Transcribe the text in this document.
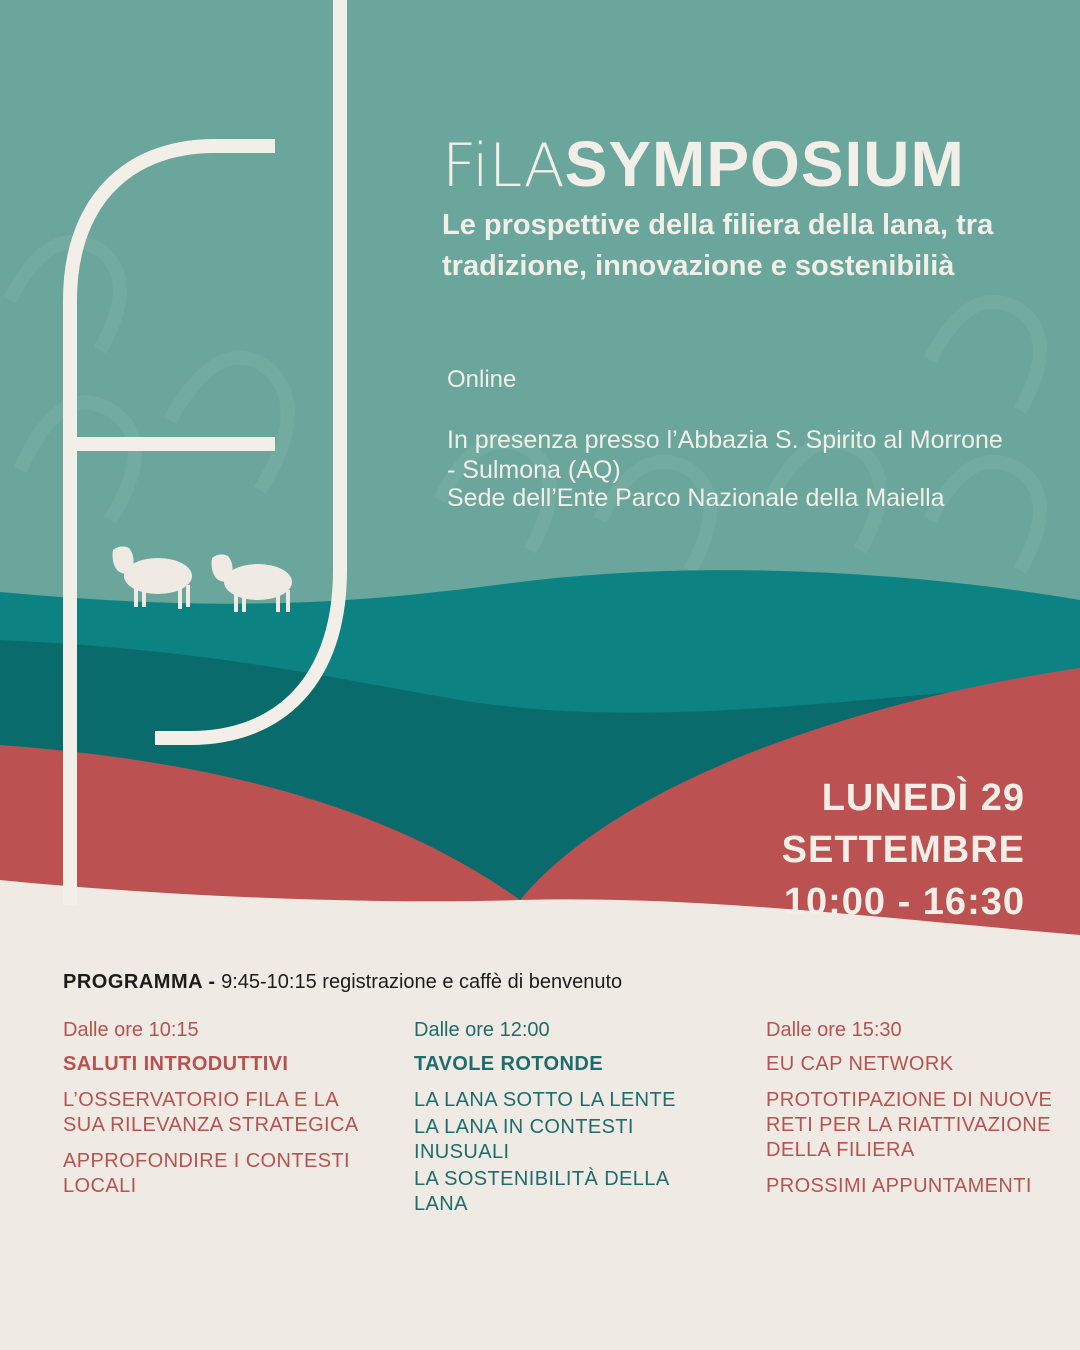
FiLASYMPOSIUM
Le prospettive della filiera della lana, tra tradizione, innovazione e sostenibilià
Online
In presenza presso l’Abbazia S. Spirito al Morrone - Sulmona (AQ)
Sede dell’Ente Parco Nazionale della Maiella
LUNEDÌ 29
SETTEMBRE
10:00 - 16:30
PROGRAMMA - 9:45-10:15 registrazione e caffè di benvenuto
Dalle ore 10:15
SALUTI INTRODUTTIVI
L’OSSERVATORIO FILA E LA SUA RILEVANZA STRATEGICA
APPROFONDIRE I CONTESTI LOCALI
Dalle ore 12:00
TAVOLE ROTONDE
LA LANA SOTTO LA LENTE
LA LANA IN CONTESTI INUSUALI
LA SOSTENIBILITÀ DELLA LANA
Dalle ore 15:30
EU CAP NETWORK
PROTOTIPAZIONE DI NUOVE RETI PER LA RIATTIVAZIONE DELLA FILIERA
PROSSIMI APPUNTAMENTI
